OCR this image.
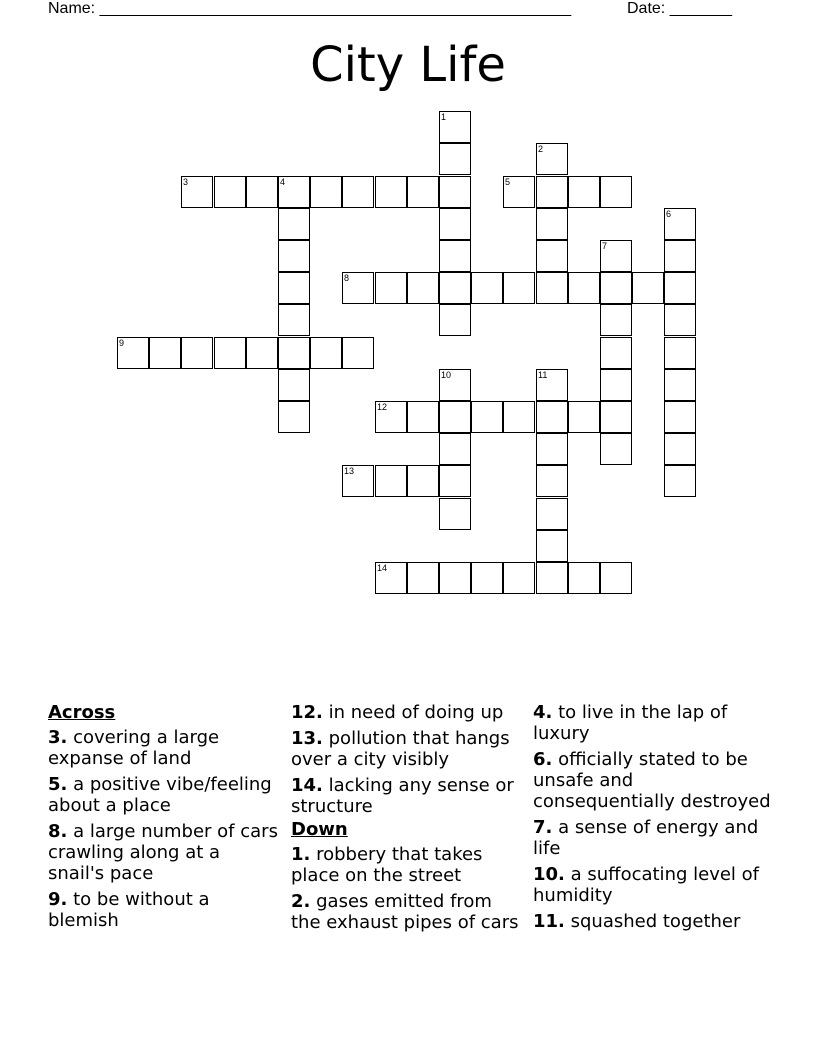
Name: _____________________________________________________	Date: _______
City Life
1
2
3	4	5
6
7
8
9
10	11
12
13
14
Across
3. covering a large expanse of land
5. a positive vibe/feeling about a place
8. a large number of cars crawling along at a snail's pace
9. to be without a blemish
12. in need of doing up
13. pollution that hangs over a city visibly
14. lacking any sense or structure
Down
1. robbery that takes place on the street
2. gases emitted from the exhaust pipes of cars
4. to live in the lap of luxury
6. officially stated to be unsafe and consequentially destroyed
7. a sense of energy and life
10. a suffocating level of humidity
11. squashed together
